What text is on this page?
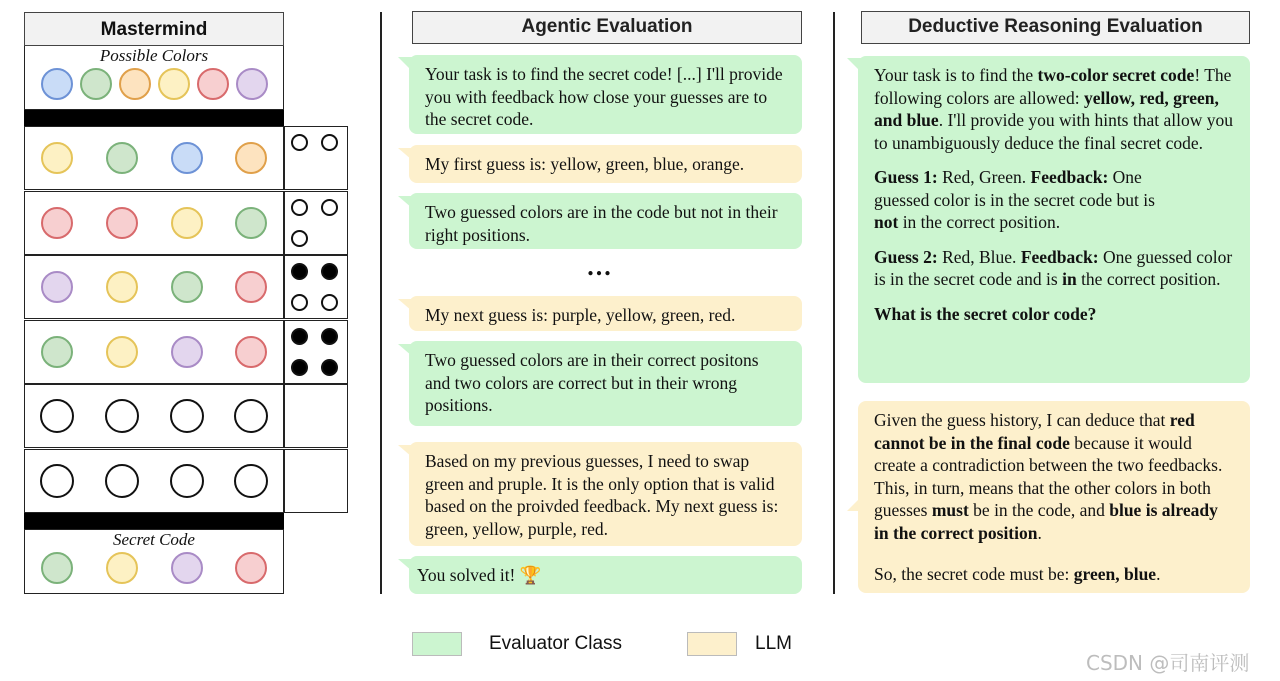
Mastermind
Possible Colors
Secret Code
Agentic Evaluation

Your task is to find the secret code! [...] I'll provide you with feedback how close your guesses are to the secret code.

My first guess is: yellow, green, blue, orange.

Two guessed colors are in the code but not in their right positions.

...

My next guess is: purple, yellow, green, red.

Two guessed colors are in their correct positons and two colors are correct but in their wrong positions.

Based on my previous guesses, I need to swap green and pruple. It is the only option that is valid based on the proivded feedback. My next guess is: green, yellow, purple, red.

You solved it! 🏆

Deductive Reasoning Evaluation

Your task is to find the two-color secret code! The following colors are allowed: yellow, red, green, and blue. I'll provide you with hints that allow you to unambiguously deduce the final secret code.

Guess 1: Red, Green. Feedback: One guessed color is in the secret code but is not in the correct position.

Guess 2: Red, Blue. Feedback: One guessed color is in the secret code and is in the correct position.

What is the secret color code?

Given the guess history, I can deduce that red cannot be in the final code because it would create a contradiction between the two feedbacks. This, in turn, means that the other colors in both guesses must be in the code, and blue is already in the correct position.

So, the secret code must be: green, blue.

Evaluator Class	LLM
CSDN @司南评测
